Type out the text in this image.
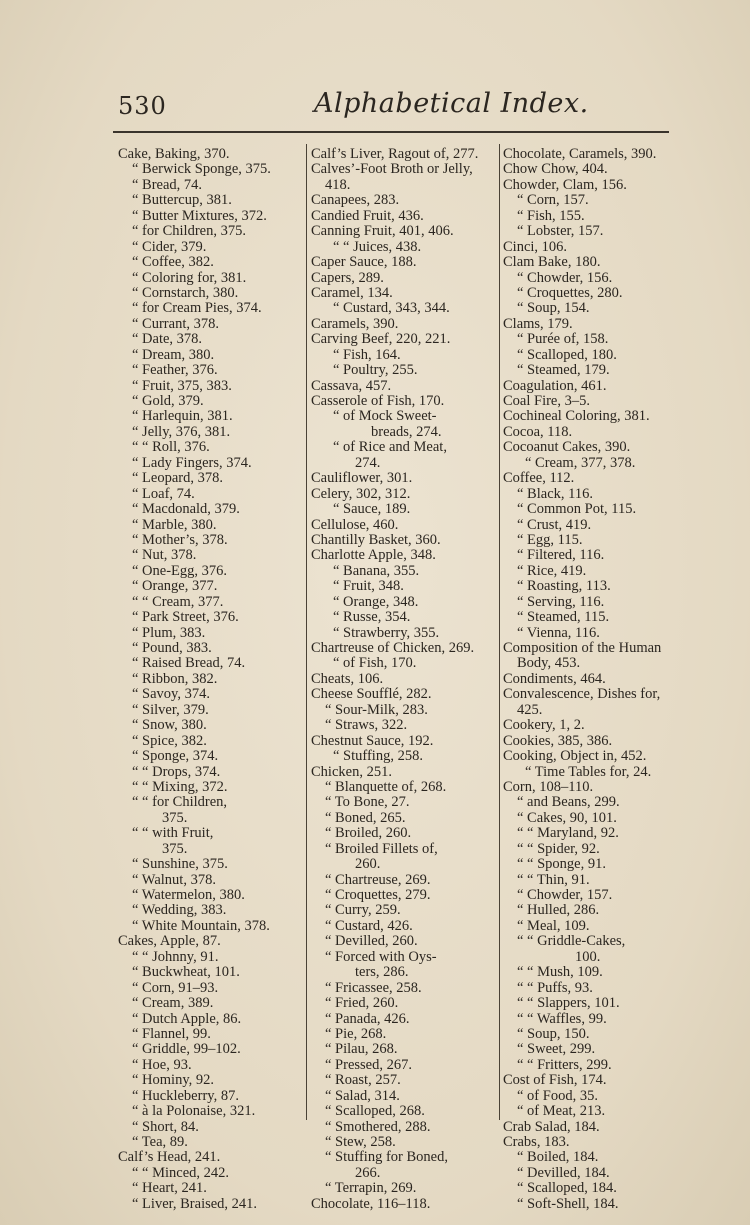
530	Alphabetical Index.
Cake, Baking, 370.
“ Berwick Sponge, 375.
“ Bread, 74.
“ Buttercup, 381.
“ Butter Mixtures, 372.
“ for Children, 375.
“ Cider, 379.
“ Coffee, 382.
“ Coloring for, 381.
“ Cornstarch, 380.
“ for Cream Pies, 374.
“ Currant, 378.
“ Date, 378.
“ Dream, 380.
“ Feather, 376.
“ Fruit, 375, 383.
“ Gold, 379.
“ Harlequin, 381.
“ Jelly, 376, 381.
“ “ Roll, 376.
“ Lady Fingers, 374.
“ Leopard, 378.
“ Loaf, 74.
“ Macdonald, 379.
“ Marble, 380.
“ Mother’s, 378.
“ Nut, 378.
“ One-Egg, 376.
“ Orange, 377.
“ “ Cream, 377.
“ Park Street, 376.
“ Plum, 383.
“ Pound, 383.
“ Raised Bread, 74.
“ Ribbon, 382.
“ Savoy, 374.
“ Silver, 379.
“ Snow, 380.
“ Spice, 382.
“ Sponge, 374.
“ “ Drops, 374.
“ “ Mixing, 372.
“ “ for Children,
375.
“ “ with Fruit,
375.
“ Sunshine, 375.
“ Walnut, 378.
“ Watermelon, 380.
“ Wedding, 383.
“ White Mountain, 378.
Cakes, Apple, 87.
“ “ Johnny, 91.
“ Buckwheat, 101.
“ Corn, 91–93.
“ Cream, 389.
“ Dutch Apple, 86.
“ Flannel, 99.
“ Griddle, 99–102.
“ Hoe, 93.
“ Hominy, 92.
“ Huckleberry, 87.
“ à la Polonaise, 321.
“ Short, 84.
“ Tea, 89.
Calf’s Head, 241.
“ “ Minced, 242.
“ Heart, 241.
“ Liver, Braised, 241.
Calf’s Liver, Ragout of, 277.
Calves’-Foot Broth or Jelly,
418.
Canapees, 283.
Candied Fruit, 436.
Canning Fruit, 401, 406.
“ “ Juices, 438.
Caper Sauce, 188.
Capers, 289.
Caramel, 134.
“ Custard, 343, 344.
Caramels, 390.
Carving Beef, 220, 221.
“ Fish, 164.
“ Poultry, 255.
Cassava, 457.
Casserole of Fish, 170.
“ of Mock Sweet-
breads, 274.
“ of Rice and Meat,
274.
Cauliflower, 301.
Celery, 302, 312.
“ Sauce, 189.
Cellulose, 460.
Chantilly Basket, 360.
Charlotte Apple, 348.
“ Banana, 355.
“ Fruit, 348.
“ Orange, 348.
“ Russe, 354.
“ Strawberry, 355.
Chartreuse of Chicken, 269.
“ of Fish, 170.
Cheats, 106.
Cheese Soufflé, 282.
“ Sour-Milk, 283.
“ Straws, 322.
Chestnut Sauce, 192.
“ Stuffing, 258.
Chicken, 251.
“ Blanquette of, 268.
“ To Bone, 27.
“ Boned, 265.
“ Broiled, 260.
“ Broiled Fillets of,
260.
“ Chartreuse, 269.
“ Croquettes, 279.
“ Curry, 259.
“ Custard, 426.
“ Devilled, 260.
“ Forced with Oys-
ters, 286.
“ Fricassee, 258.
“ Fried, 260.
“ Panada, 426.
“ Pie, 268.
“ Pilau, 268.
“ Pressed, 267.
“ Roast, 257.
“ Salad, 314.
“ Scalloped, 268.
“ Smothered, 288.
“ Stew, 258.
“ Stuffing for Boned,
266.
“ Terrapin, 269.
Chocolate, 116–118.
Chocolate, Caramels, 390.
Chow Chow, 404.
Chowder, Clam, 156.
“ Corn, 157.
“ Fish, 155.
“ Lobster, 157.
Cinci, 106.
Clam Bake, 180.
“ Chowder, 156.
“ Croquettes, 280.
“ Soup, 154.
Clams, 179.
“ Purée of, 158.
“ Scalloped, 180.
“ Steamed, 179.
Coagulation, 461.
Coal Fire, 3–5.
Cochineal Coloring, 381.
Cocoa, 118.
Cocoanut Cakes, 390.
“ Cream, 377, 378.
Coffee, 112.
“ Black, 116.
“ Common Pot, 115.
“ Crust, 419.
“ Egg, 115.
“ Filtered, 116.
“ Rice, 419.
“ Roasting, 113.
“ Serving, 116.
“ Steamed, 115.
“ Vienna, 116.
Composition of the Human
Body, 453.
Condiments, 464.
Convalescence, Dishes for,
425.
Cookery, 1, 2.
Cookies, 385, 386.
Cooking, Object in, 452.
“ Time Tables for, 24.
Corn, 108–110.
“ and Beans, 299.
“ Cakes, 90, 101.
“ “ Maryland, 92.
“ “ Spider, 92.
“ “ Sponge, 91.
“ “ Thin, 91.
“ Chowder, 157.
“ Hulled, 286.
“ Meal, 109.
“ “ Griddle-Cakes,
100.
“ “ Mush, 109.
“ “ Puffs, 93.
“ “ Slappers, 101.
“ “ Waffles, 99.
“ Soup, 150.
“ Sweet, 299.
“ “ Fritters, 299.
Cost of Fish, 174.
“ of Food, 35.
“ of Meat, 213.
Crab Salad, 184.
Crabs, 183.
“ Boiled, 184.
“ Devilled, 184.
“ Scalloped, 184.
“ Soft-Shell, 184.
